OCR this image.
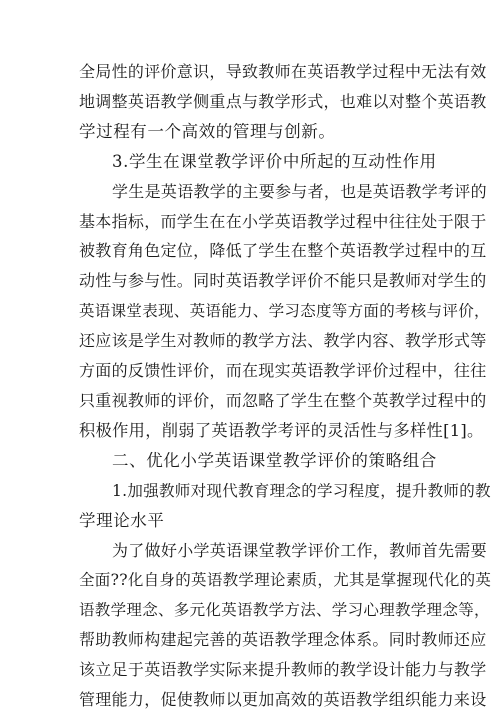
全局性的评价意识，导致教师在英语教学过程中无法有效
地调整英语教学侧重点与教学形式，也难以对整个英语教
学过程有一个高效的管理与创新。
3.学生在课堂教学评价中所起的互动性作用
学生是英语教学的主要参与者，也是英语教学考评的
基本指标，而学生在在小学英语教学过程中往往处于限于
被教育角色定位，降低了学生在整个英语教学过程中的互
动性与参与性。同时英语教学评价不能只是教师对学生的
英语课堂表现、英语能力、学习态度等方面的考核与评价，
还应该是学生对教师的教学方法、教学内容、教学形式等
方面的反馈性评价，而在现实英语教学评价过程中，往往
只重视教师的评价，而忽略了学生在整个英教学过程中的
积极作用，削弱了英语教学考评的灵活性与多样性[1]。
二、优化小学英语课堂教学评价的策略组合
1.加强教师对现代教育理念的学习程度，提升教师的教
学理论水平
为了做好小学英语课堂教学评价工作，教师首先需要
全面??化自身的英语教学理论素质，尤其是掌握现代化的英
语教学理念、多元化英语教学方法、学习心理教学理念等，
帮助教师构建起完善的英语教学理念体系。同时教师还应
该立足于英语教学实际来提升教师的教学设计能力与教学
管理能力，促使教师以更加高效的英语教学组织能力来设
